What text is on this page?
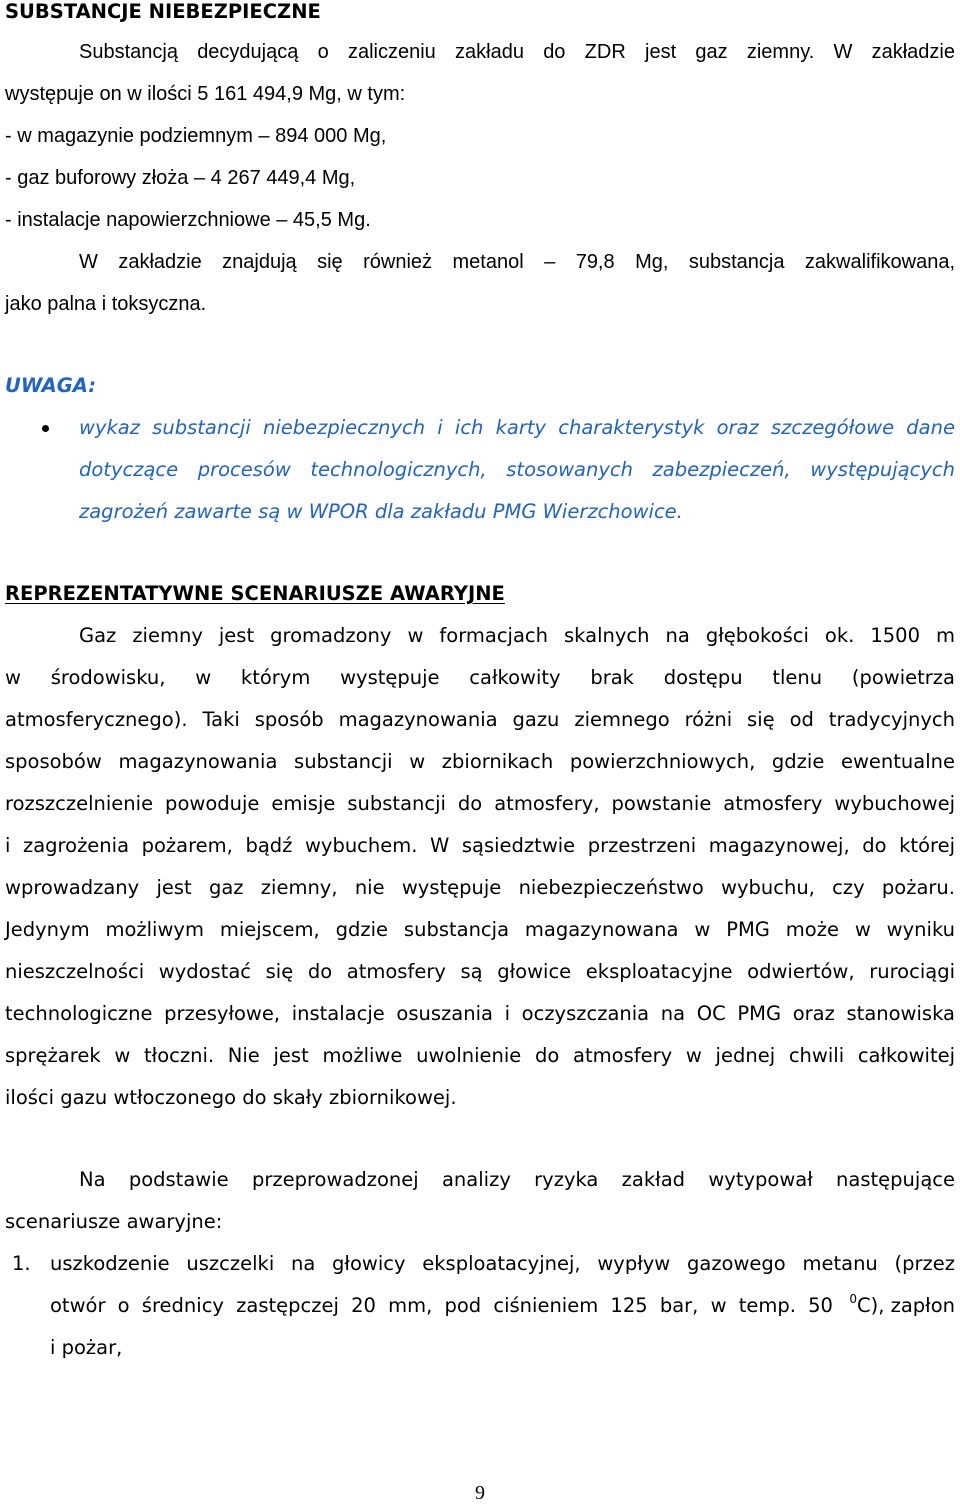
SUBSTANCJE NIEBEZPIECZNE
Substancją decydującą o zaliczeniu zakładu do ZDR jest gaz ziemny. W zakładzie
występuje on w ilości 5 161 494,9 Mg, w tym:
- w magazynie podziemnym – 894 000 Mg,
- gaz buforowy złoża – 4 267 449,4 Mg,
- instalacje napowierzchniowe – 45,5 Mg.
W zakładzie znajdują się również metanol – 79,8 Mg, substancja zakwalifikowana,
jako palna i toksyczna.
UWAGA:
wykaz substancji niebezpiecznych i ich karty charakterystyk oraz szczegółowe dane
dotyczące procesów technologicznych, stosowanych zabezpieczeń, występujących
zagrożeń zawarte są w WPOR dla zakładu PMG Wierzchowice.
REPREZENTATYWNE SCENARIUSZE AWARYJNE
Gaz ziemny jest gromadzony w formacjach skalnych na głębokości ok. 1500 m
w środowisku, w którym występuje całkowity brak dostępu tlenu (powietrza
atmosferycznego). Taki sposób magazynowania gazu ziemnego różni się od tradycyjnych
sposobów magazynowania substancji w zbiornikach powierzchniowych, gdzie ewentualne
rozszczelnienie powoduje emisje substancji do atmosfery, powstanie atmosfery wybuchowej
i zagrożenia pożarem, bądź wybuchem. W sąsiedztwie przestrzeni magazynowej, do której
wprowadzany jest gaz ziemny, nie występuje niebezpieczeństwo wybuchu, czy pożaru.
Jedynym możliwym miejscem, gdzie substancja magazynowana w PMG może w wyniku
nieszczelności wydostać się do atmosfery są głowice eksploatacyjne odwiertów, rurociągi
technologiczne przesyłowe, instalacje osuszania i oczyszczania na OC PMG oraz stanowiska
sprężarek w tłoczni. Nie jest możliwe uwolnienie do atmosfery w jednej chwili całkowitej
ilości gazu wtłoczonego do skały zbiornikowej.
Na podstawie przeprowadzonej analizy ryzyka zakład wytypował następujące
scenariusze awaryjne:
1. uszkodzenie uszczelki na głowicy eksploatacyjnej, wypływ gazowego metanu (przez
otwór o średnicy zastępczej 20 mm, pod ciśnieniem 125 bar, w temp. 50 $^0$C), zapłon
i pożar,
9
